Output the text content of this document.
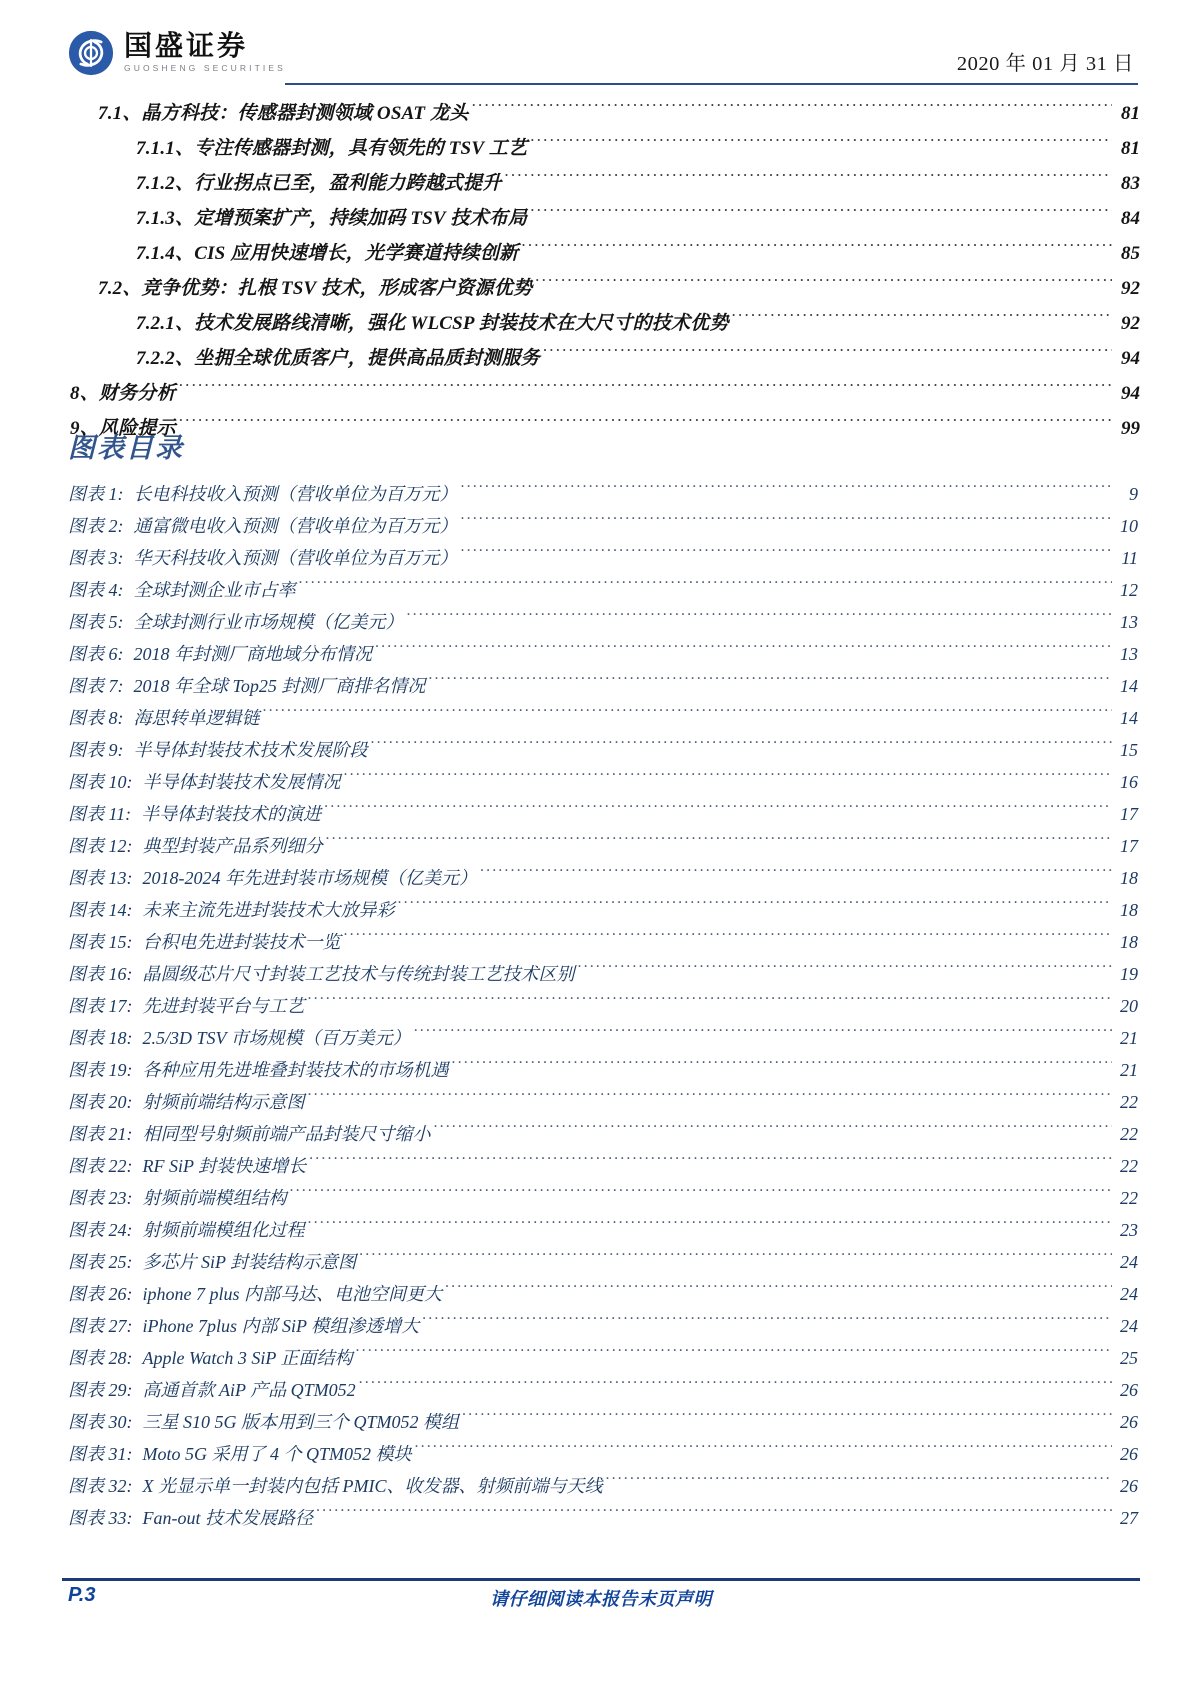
国盛证券
GUOSHENG SECURITIES	2020 年 01 月 31 日
7.1、晶方科技：传感器封测领域 OSAT 龙头 .....	81
7.1.1、专注传感器封测，具有领先的 TSV 工艺 .....	81
7.1.2、行业拐点已至，盈利能力跨越式提升 .....	83
7.1.3、定增预案扩产，持续加码 TSV 技术布局 .....	84
7.1.4、CIS 应用快速增长，光学赛道持续创新 .....	85
7.2、竞争优势：扎根 TSV 技术，形成客户资源优势 .....	92
7.2.1、技术发展路线清晰，强化 WLCSP 封装技术在大尺寸的技术优势 .....	92
7.2.2、坐拥全球优质客户，提供高品质封测服务 .....	94
8、财务分析 .....	94
9、风险提示 .....	99
图表目录
图表 1: 长电科技收入预测（营收单位为百万元） .....	9
图表 2: 通富微电收入预测（营收单位为百万元） .....	10
图表 3: 华天科技收入预测（营收单位为百万元） .....	11
图表 4: 全球封测企业市占率 .....	12
图表 5: 全球封测行业市场规模（亿美元） .....	13
图表 6: 2018 年封测厂商地域分布情况 .....	13
图表 7: 2018 年全球 Top25 封测厂商排名情况 .....	14
图表 8: 海思转单逻辑链 .....	14
图表 9: 半导体封装技术技术发展阶段 .....	15
图表 10: 半导体封装技术发展情况 .....	16
图表 11: 半导体封装技术的演进 .....	17
图表 12: 典型封装产品系列细分 .....	17
图表 13: 2018-2024 年先进封装市场规模（亿美元） .....	18
图表 14: 未来主流先进封装技术大放异彩 .....	18
图表 15: 台积电先进封装技术一览 .....	18
图表 16: 晶圆级芯片尺寸封装工艺技术与传统封装工艺技术区别 .....	19
图表 17: 先进封装平台与工艺 .....	20
图表 18: 2.5/3D TSV 市场规模（百万美元） .....	21
图表 19: 各种应用先进堆叠封装技术的市场机遇 .....	21
图表 20: 射频前端结构示意图 .....	22
图表 21: 相同型号射频前端产品封装尺寸缩小 .....	22
图表 22: RF SiP 封装快速增长 .....	22
图表 23: 射频前端模组结构 .....	22
图表 24: 射频前端模组化过程 .....	23
图表 25: 多芯片 SiP 封装结构示意图 .....	24
图表 26: iphone 7 plus 内部马达、电池空间更大 .....	24
图表 27: iPhone 7plus 内部 SiP 模组渗透增大 .....	24
图表 28: Apple Watch 3 SiP 正面结构 .....	25
图表 29: 高通首款 AiP 产品 QTM052 .....	26
图表 30: 三星 S10 5G 版本用到三个 QTM052 模组 .....	26
图表 31: Moto 5G 采用了 4 个 QTM052 模块 .....	26
图表 32: X 光显示单一封装内包括 PMIC、收发器、射频前端与天线 .....	26
图表 33: Fan-out 技术发展路径 .....	27
P.3	请仔细阅读本报告末页声明
